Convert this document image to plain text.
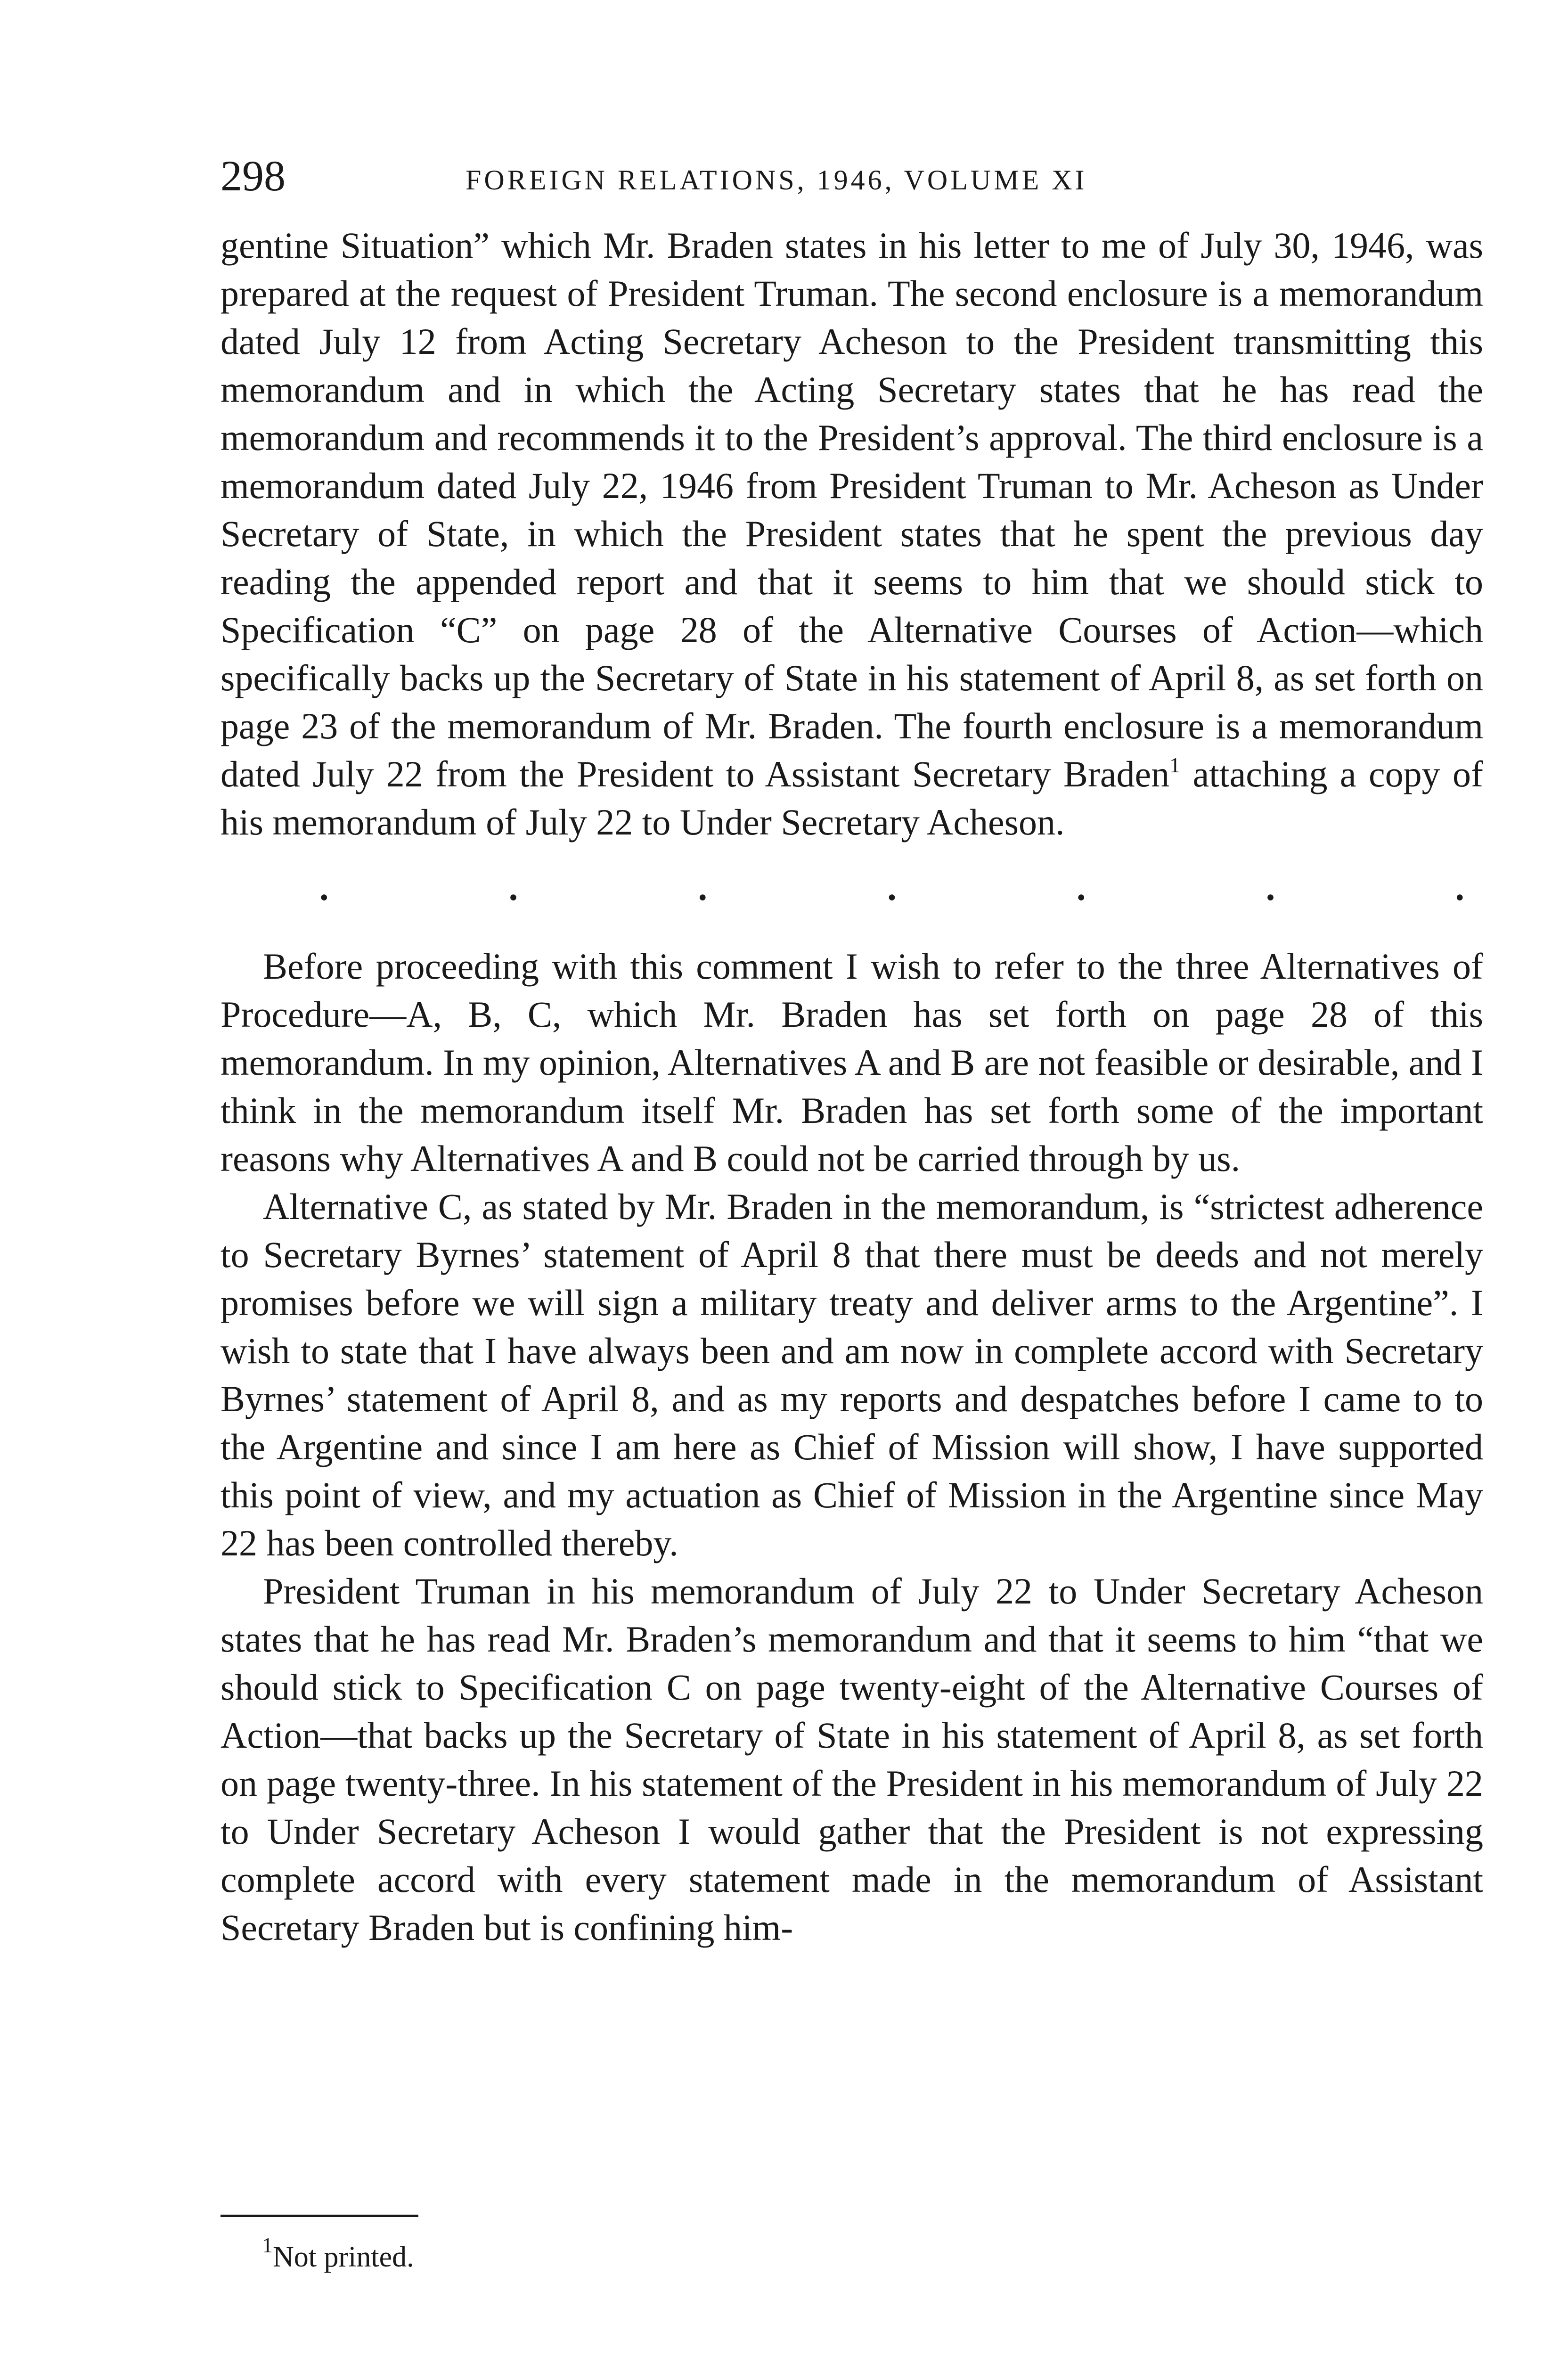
298	FOREIGN RELATIONS, 1946, VOLUME XI

gentine Situation” which Mr. Braden states in his letter to me of July 30, 1946, was prepared at the request of President Truman. The second enclosure is a memorandum dated July 12 from Acting Secretary Acheson to the President transmitting this memorandum and in which the Acting Secretary states that he has read the memorandum and recommends it to the President’s approval. The third enclosure is a memorandum dated July 22, 1946 from President Truman to Mr. Acheson as Under Secretary of State, in which the President states that he spent the previous day reading the appended report and that it seems to him that we should stick to Specification “C” on page 28 of the Alternative Courses of Action—which specifically backs up the Secretary of State in his statement of April 8, as set forth on page 23 of the memorandum of Mr. Braden. The fourth enclosure is a memorandum dated July 22 from the President to Assistant Secretary Braden$^1$ attaching a copy of his memorandum of July 22 to Under Secretary Acheson.

.	.	.	.	.	.	.

Before proceeding with this comment I wish to refer to the three Alternatives of Procedure—A, B, C, which Mr. Braden has set forth on page 28 of this memorandum. In my opinion, Alternatives A and B are not feasible or desirable, and I think in the memorandum itself Mr. Braden has set forth some of the important reasons why Alternatives A and B could not be carried through by us.

Alternative C, as stated by Mr. Braden in the memorandum, is “strictest adherence to Secretary Byrnes’ statement of April 8 that there must be deeds and not merely promises before we will sign a military treaty and deliver arms to the Argentine”. I wish to state that I have always been and am now in complete accord with Secretary Byrnes’ statement of April 8, and as my reports and despatches before I came to to the Argentine and since I am here as Chief of Mission will show, I have supported this point of view, and my actuation as Chief of Mission in the Argentine since May 22 has been controlled thereby.

President Truman in his memorandum of July 22 to Under Secretary Acheson states that he has read Mr. Braden’s memorandum and that it seems to him “that we should stick to Specification C on page twenty-eight of the Alternative Courses of Action—that backs up the Secretary of State in his statement of April 8, as set forth on page twenty-three. In his statement of the President in his memorandum of July 22 to Under Secretary Acheson I would gather that the President is not expressing complete accord with every statement made in the memorandum of Assistant Secretary Braden but is confining him-

$^1$Not printed.
